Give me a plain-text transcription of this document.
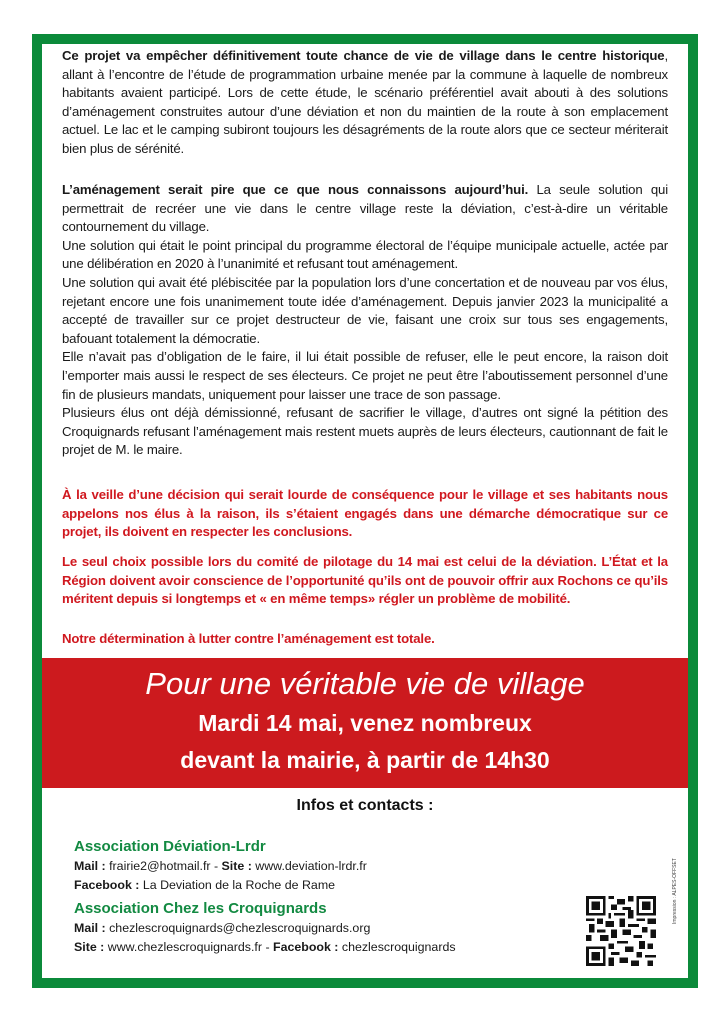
Ce projet va empêcher définitivement toute chance de vie de village dans le centre historique, allant à l’encontre de l’étude de programmation urbaine menée par la commune à laquelle de nombreux habitants avaient participé. Lors de cette étude, le scénario préférentiel avait abouti à des solutions d’aménagement construites autour d’une déviation et non du maintien de la route à son emplacement actuel. Le lac et le camping subiront toujours les désagréments de la route alors que ce secteur mériterait bien plus de sérénité.

L’aménagement serait pire que ce que nous connaissons aujourd’hui. La seule solution qui permettrait de recréer une vie dans le centre village reste la déviation, c’est-à-dire un véritable contournement du village.

Une solution qui était le point principal du programme électoral de l’équipe municipale actuelle, actée par une délibération en 2020 à l’unanimité et refusant tout aménagement.

Une solution qui avait été plébiscitée par la population lors d’une concertation et de nouveau par vos élus, rejetant encore une fois unanimement toute idée d’aménagement. Depuis janvier 2023 la municipalité a accepté de travailler sur ce projet destructeur de vie, faisant une croix sur tous ses engagements, bafouant totalement la démocratie.

Elle n’avait pas d’obligation de le faire, il lui était possible de refuser, elle le peut encore, la raison doit l’emporter mais aussi le respect de ses électeurs. Ce projet ne peut être l’aboutissement personnel d’une fin de plusieurs mandats, uniquement pour laisser une trace de son passage.

Plusieurs élus ont déjà démissionné, refusant de sacrifier le village, d’autres ont signé la pétition des Croquignards refusant l’aménagement mais restent muets auprès de leurs électeurs, cautionnant de fait le projet de M. le maire.

À la veille d’une décision qui serait lourde de conséquence pour le village et ses habitants nous appelons nos élus à la raison, ils s’étaient engagés dans une démarche démocratique sur ce projet, ils doivent en respecter les conclusions.
Le seul choix possible lors du comité de pilotage du 14 mai est celui de la déviation. L’État et la Région doivent avoir conscience de l’opportunité qu’ils ont de pouvoir offrir aux Rochons ce qu’ils méritent depuis si longtemps et « en même temps» régler un problème de mobilité.
Notre détermination à lutter contre l’aménagement est totale.
Pour une véritable vie de village
Mardi 14 mai, venez nombreux
devant la mairie, à partir de 14h30
Infos et contacts :
Association Déviation-Lrdr
Mail : frairie2@hotmail.fr - Site : www.deviation-lrdr.fr
Facebook : La Deviation de la Roche de Rame
Association Chez les Croquignards
Mail : chezlescroquignards@chezlescroquignards.org
Site : www.chezlescroquignards.fr - Facebook : chezlescroquignards
Impression : ALPES-OFFSET
